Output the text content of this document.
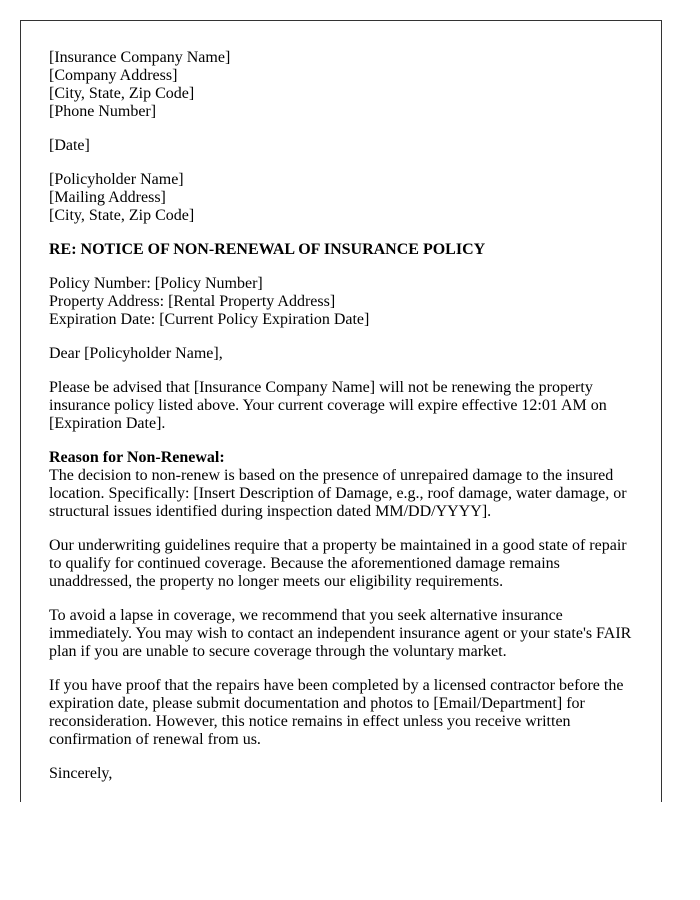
[Insurance Company Name]
[Company Address]
[City, State, Zip Code]
[Phone Number]
[Date]
[Policyholder Name]
[Mailing Address]
[City, State, Zip Code]
RE: NOTICE OF NON-RENEWAL OF INSURANCE POLICY
Policy Number: [Policy Number]
Property Address: [Rental Property Address]
Expiration Date: [Current Policy Expiration Date]

Dear [Policyholder Name],

Please be advised that [Insurance Company Name] will not be renewing the property insurance policy listed above. Your current coverage will expire effective 12:01 AM on [Expiration Date].

Reason for Non-Renewal:
The decision to non-renew is based on the presence of unrepaired damage to the insured location. Specifically: [Insert Description of Damage, e.g., roof damage, water damage, or structural issues identified during inspection dated MM/DD/YYYY].

Our underwriting guidelines require that a property be maintained in a good state of repair to qualify for continued coverage. Because the aforementioned damage remains unaddressed, the property no longer meets our eligibility requirements.

To avoid a lapse in coverage, we recommend that you seek alternative insurance immediately. You may wish to contact an independent insurance agent or your state's FAIR plan if you are unable to secure coverage through the voluntary market.

If you have proof that the repairs have been completed by a licensed contractor before the expiration date, please submit documentation and photos to [Email/Department] for reconsideration. However, this notice remains in effect unless you receive written confirmation of renewal from us.

Sincerely,
